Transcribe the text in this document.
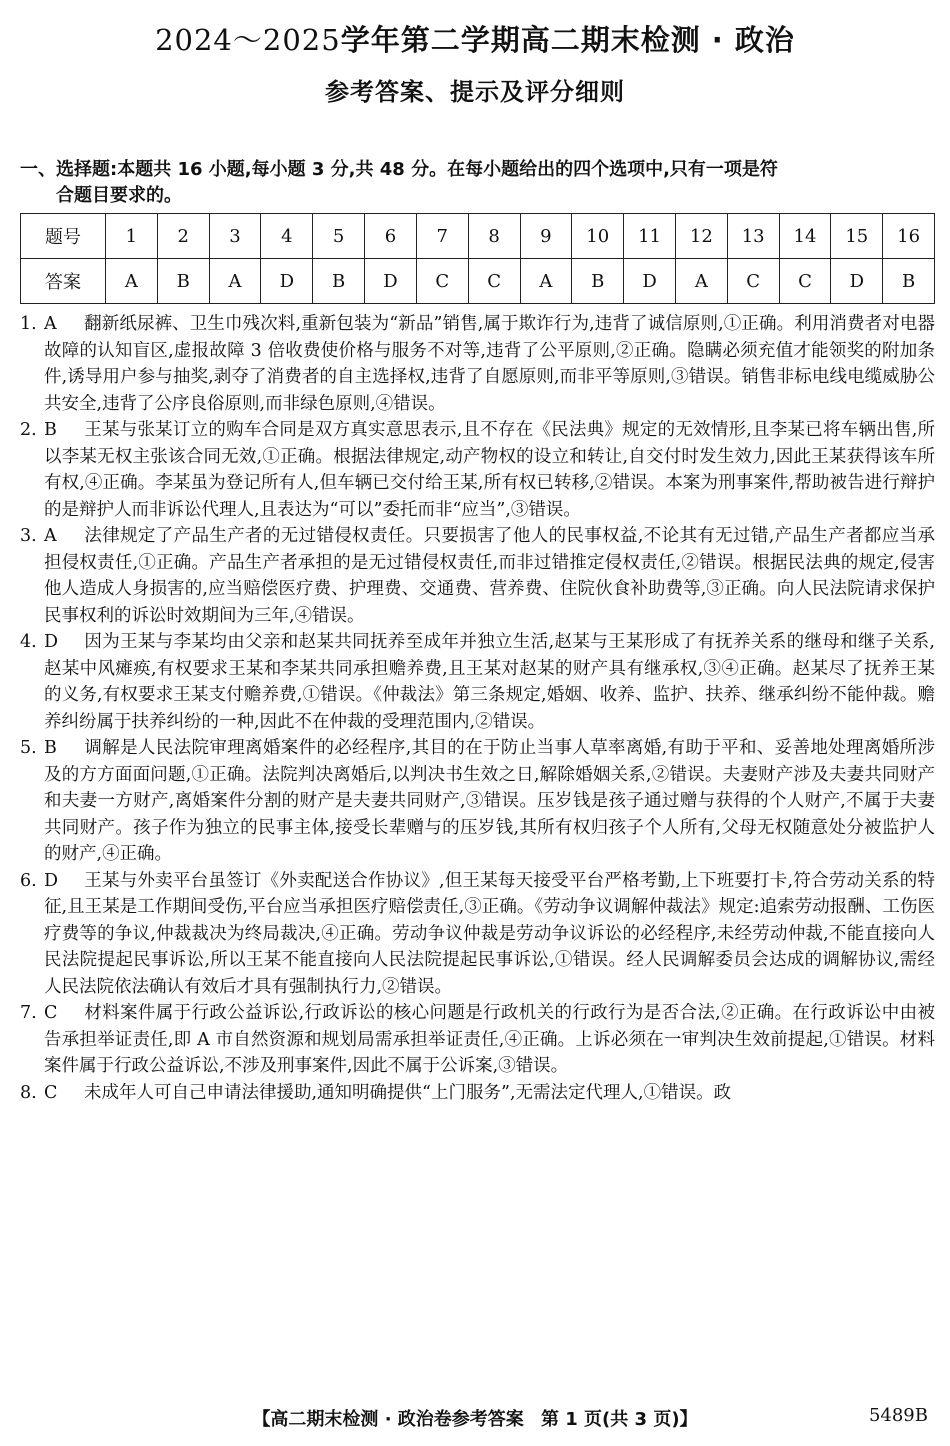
2024～2025学年第二学期高二期末检测 · 政治
参考答案、提示及评分细则
一、选择题:本题共 16 小题,每小题 3 分,共 48 分。在每小题给出的四个选项中,只有一项是符
合题目要求的。
题号	1	2	3	4	5	6	7	8	9	10	11	12	13	14	15	16
答案	A	B	A	D	B	D	C	C	A	B	D	A	C	C	D	B
1. A 翻新纸尿裤、卫生巾残次料,重新包装为“新品”销售,属于欺诈行为,违背了诚信原则,①正确。利用消费者对电器故障的认知盲区,虚报故障 3 倍收费使价格与服务不对等,违背了公平原则,②正确。隐瞒必须充值才能领奖的附加条件,诱导用户参与抽奖,剥夺了消费者的自主选择权,违背了自愿原则,而非平等原则,③错误。销售非标电线电缆威胁公共安全,违背了公序良俗原则,而非绿色原则,④错误。
2. B 王某与张某订立的购车合同是双方真实意思表示,且不存在《民法典》规定的无效情形,且李某已将车辆出售,所以李某无权主张该合同无效,①正确。根据法律规定,动产物权的设立和转让,自交付时发生效力,因此王某获得该车所有权,④正确。李某虽为登记所有人,但车辆已交付给王某,所有权已转移,②错误。本案为刑事案件,帮助被告进行辩护的是辩护人而非诉讼代理人,且表达为“可以”委托而非“应当”,③错误。
3. A 法律规定了产品生产者的无过错侵权责任。只要损害了他人的民事权益,不论其有无过错,产品生产者都应当承担侵权责任,①正确。产品生产者承担的是无过错侵权责任,而非过错推定侵权责任,②错误。根据民法典的规定,侵害他人造成人身损害的,应当赔偿医疗费、护理费、交通费、营养费、住院伙食补助费等,③正确。向人民法院请求保护民事权利的诉讼时效期间为三年,④错误。
4. D 因为王某与李某均由父亲和赵某共同抚养至成年并独立生活,赵某与王某形成了有抚养关系的继母和继子关系,赵某中风瘫痪,有权要求王某和李某共同承担赡养费,且王某对赵某的财产具有继承权,③④正确。赵某尽了抚养王某的义务,有权要求王某支付赡养费,①错误。《仲裁法》第三条规定,婚姻、收养、监护、扶养、继承纠纷不能仲裁。赡养纠纷属于扶养纠纷的一种,因此不在仲裁的受理范围内,②错误。
5. B 调解是人民法院审理离婚案件的必经程序,其目的在于防止当事人草率离婚,有助于平和、妥善地处理离婚所涉及的方方面面问题,①正确。法院判决离婚后,以判决书生效之日,解除婚姻关系,②错误。夫妻财产涉及夫妻共同财产和夫妻一方财产,离婚案件分割的财产是夫妻共同财产,③错误。压岁钱是孩子通过赠与获得的个人财产,不属于夫妻共同财产。孩子作为独立的民事主体,接受长辈赠与的压岁钱,其所有权归孩子个人所有,父母无权随意处分被监护人的财产,④正确。
6. D 王某与外卖平台虽签订《外卖配送合作协议》,但王某每天接受平台严格考勤,上下班要打卡,符合劳动关系的特征,且王某是工作期间受伤,平台应当承担医疗赔偿责任,③正确。《劳动争议调解仲裁法》规定:追索劳动报酬、工伤医疗费等的争议,仲裁裁决为终局裁决,④正确。劳动争议仲裁是劳动争议诉讼的必经程序,未经劳动仲裁,不能直接向人民法院提起民事诉讼,所以王某不能直接向人民法院提起民事诉讼,①错误。经人民调解委员会达成的调解协议,需经人民法院依法确认有效后才具有强制执行力,②错误。
7. C 材料案件属于行政公益诉讼,行政诉讼的核心问题是行政机关的行政行为是否合法,②正确。在行政诉讼中由被告承担举证责任,即 A 市自然资源和规划局需承担举证责任,④正确。上诉必须在一审判决生效前提起,①错误。材料案件属于行政公益诉讼,不涉及刑事案件,因此不属于公诉案,③错误。
8. C 未成年人可自己申请法律援助,通知明确提供“上门服务”,无需法定代理人,①错误。政
【高二期末检测 · 政治卷参考答案 第 1 页(共 3 页)】	5489B
